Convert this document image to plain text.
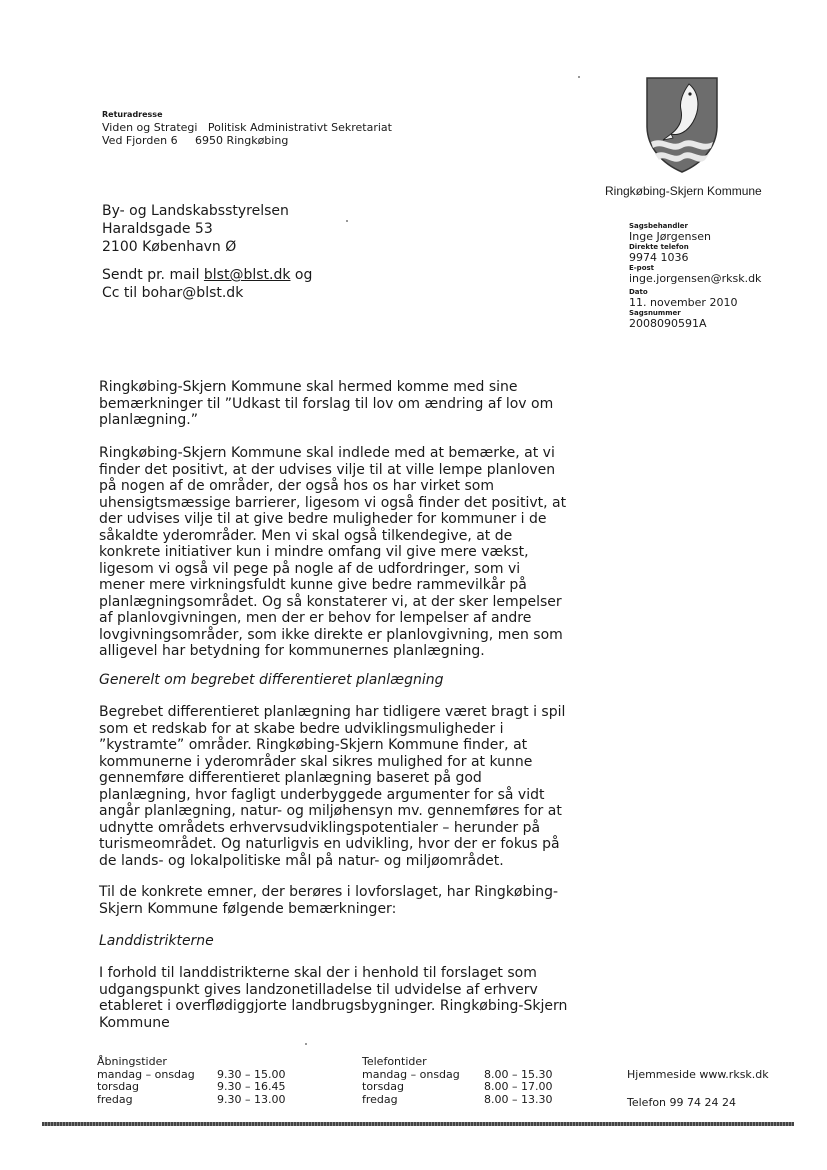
Returadresse
Viden og Strategi   Politisk Administrativt Sekretariat
Ved Fjorden 6     6950 Ringkøbing
By- og Landskabsstyrelsen
Haraldsgade 53
2100 København Ø
Sendt pr. mail blst@blst.dk og
Cc til bohar@blst.dk
Ringkøbing-Skjern Kommune
Sagsbehandler
Inge Jørgensen
Direkte telefon
9974 1036
E-post
inge.jorgensen@rksk.dk
Dato
11. november 2010
Sagsnummer
2008090591A

Ringkøbing-Skjern Kommune skal hermed komme med sine bemærkninger til ”Udkast til forslag til lov om ændring af lov om planlægning.”

Ringkøbing-Skjern Kommune skal indlede med at bemærke, at vi finder det positivt, at der udvises vilje til at ville lempe planloven på nogen af de områder, der også hos os har virket som uhensigtsmæssige barrierer, ligesom vi også finder det positivt, at der udvises vilje til at give bedre muligheder for kommuner i de såkaldte yderområder. Men vi skal også tilkendegive, at de konkrete initiativer kun i mindre omfang vil give mere vækst, ligesom vi også vil pege på nogle af de udfordringer, som vi mener mere virkningsfuldt kunne give bedre rammevilkår på planlægningsområdet. Og så konstaterer vi, at der sker lempelser af planlovgivningen, men der er behov for lempelser af andre lovgivningsområder, som ikke direkte er planlovgivning, men som alligevel har betydning for kommunernes planlægning.

Generelt om begrebet differentieret planlægning

Begrebet differentieret planlægning har tidligere været bragt i spil som et redskab for at skabe bedre udviklingsmuligheder i ”kystramte” områder. Ringkøbing-Skjern Kommune finder, at kommunerne i yderområder skal sikres mulighed for at kunne gennemføre differentieret planlægning baseret på god planlægning, hvor fagligt underbyggede argumenter for så vidt angår planlægning, natur- og miljøhensyn mv. gennemføres for at udnytte områdets erhvervsudviklingspotentialer – herunder på turismeområdet. Og naturligvis en udvikling, hvor der er fokus på de lands- og lokalpolitiske mål på natur- og miljøområdet.

Til de konkrete emner, der berøres i lovforslaget, har Ringkøbing-Skjern Kommune følgende bemærkninger:

Landdistrikterne

I forhold til landdistrikterne skal der i henhold til forslaget som udgangspunkt gives landzonetilladelse til udvidelse af erhverv etableret i overflødiggjorte landbrugsbygninger. Ringkøbing-Skjern Kommune

Åbningstider
mandag – onsdag	9.30 – 15.00
torsdag	9.30 – 16.45
fredag	9.30 – 13.00
Telefontider
mandag – onsdag	8.00 – 15.30
torsdag	8.00 – 17.00
fredag	8.00 – 13.30
Hjemmeside www.rksk.dk
Telefon 99 74 24 24
